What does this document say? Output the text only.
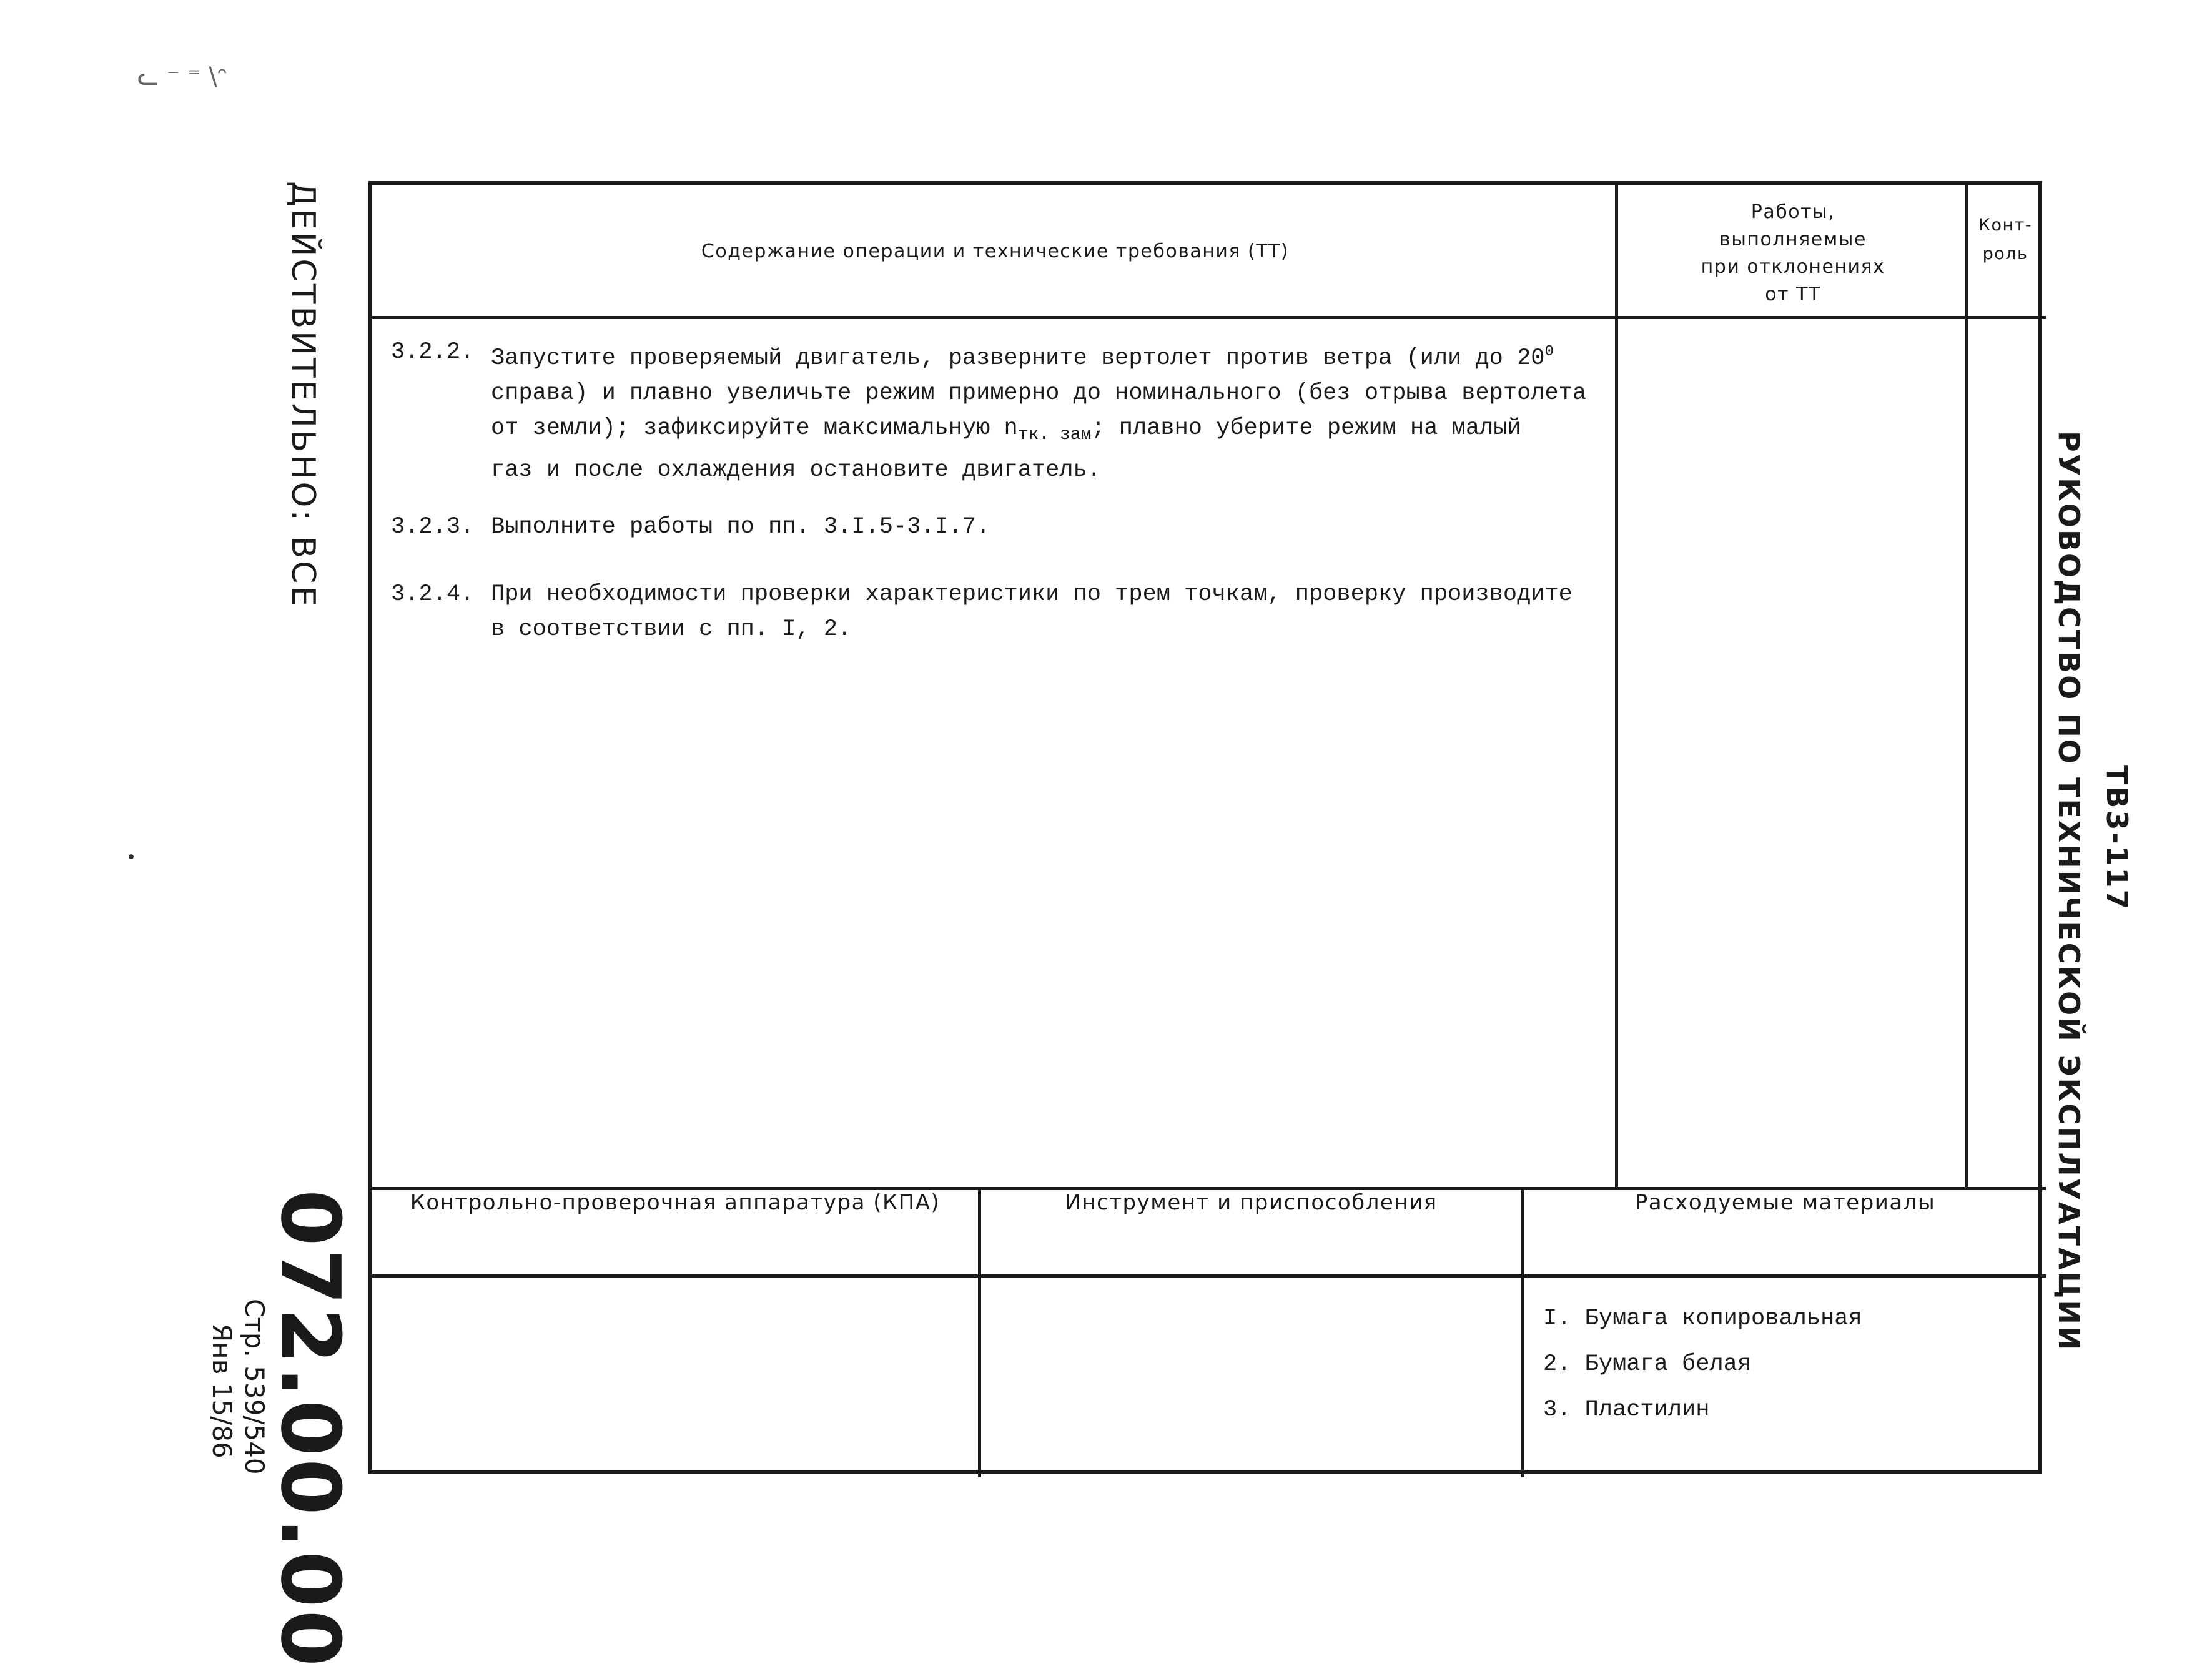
ᓚ ⁻ ⁼ \ᵔ
ДЕЙСТВИТЕЛЬНО: ВСЕ
072.00.00
Стр. 539/540
Янв 15/86
РУКОВОДСТВО ПО ТЕХНИЧЕСКОЙ ЭКСПЛУАТАЦИИ ТВ3-117
Содержание операции и технические требования (ТТ)
Работы,
выполняемые
при отклонениях
от ТТ
Конт-
роль
3.2.2. Запустите проверяемый двигатель, разверните вертолет против ветра (или до $20^0$
справа) и плавно увеличьте режим примерно до номинального (без отрыва вертолета
от земли); зафиксируйте максимальную $n_{тк. зам}$; плавно уберите режим на малый
газ и после охлаждения остановите двигатель.
3.2.3. Выполните работы по пп. 3.I.5-3.I.7.
3.2.4. При необходимости проверки характеристики по трем точкам, проверку производите
в соответствии с пп. I, 2.
Контрольно-проверочная аппаратура (КПА)	Инструмент и приспособления	Расходуемые материалы
I. Бумага копировальная
2. Бумага белая
3. Пластилин
